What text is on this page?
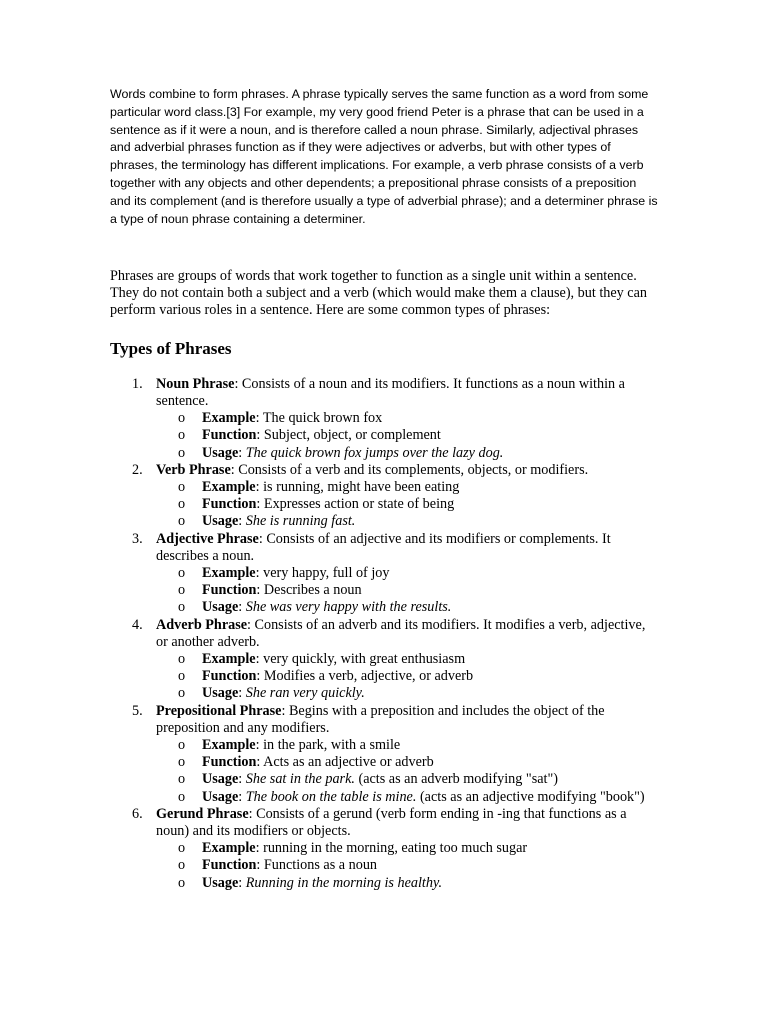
Words combine to form phrases. A phrase typically serves the same function as a word from some particular word class.[3] For example, my very good friend Peter is a phrase that can be used in a sentence as if it were a noun, and is therefore called a noun phrase. Similarly, adjectival phrases and adverbial phrases function as if they were adjectives or adverbs, but with other types of phrases, the terminology has different implications. For example, a verb phrase consists of a verb together with any objects and other dependents; a prepositional phrase consists of a preposition and its complement (and is therefore usually a type of adverbial phrase); and a determiner phrase is a type of noun phrase containing a determiner.

Phrases are groups of words that work together to function as a single unit within a sentence. They do not contain both a subject and a verb (which would make them a clause), but they can perform various roles in a sentence. Here are some common types of phrases:

Types of Phrases
1. Noun Phrase: Consists of a noun and its modifiers. It functions as a noun within a sentence.
o Example: The quick brown fox
o Function: Subject, object, or complement
o Usage: The quick brown fox jumps over the lazy dog.
2. Verb Phrase: Consists of a verb and its complements, objects, or modifiers.
o Example: is running, might have been eating
o Function: Expresses action or state of being
o Usage: She is running fast.
3. Adjective Phrase: Consists of an adjective and its modifiers or complements. It describes a noun.
o Example: very happy, full of joy
o Function: Describes a noun
o Usage: She was very happy with the results.
4. Adverb Phrase: Consists of an adverb and its modifiers. It modifies a verb, adjective, or another adverb.
o Example: very quickly, with great enthusiasm
o Function: Modifies a verb, adjective, or adverb
o Usage: She ran very quickly.
5. Prepositional Phrase: Begins with a preposition and includes the object of the preposition and any modifiers.
o Example: in the park, with a smile
o Function: Acts as an adjective or adverb
o Usage: She sat in the park. (acts as an adverb modifying "sat")
o Usage: The book on the table is mine. (acts as an adjective modifying "book")
6. Gerund Phrase: Consists of a gerund (verb form ending in -ing that functions as a noun) and its modifiers or objects.
o Example: running in the morning, eating too much sugar
o Function: Functions as a noun
o Usage: Running in the morning is healthy.
